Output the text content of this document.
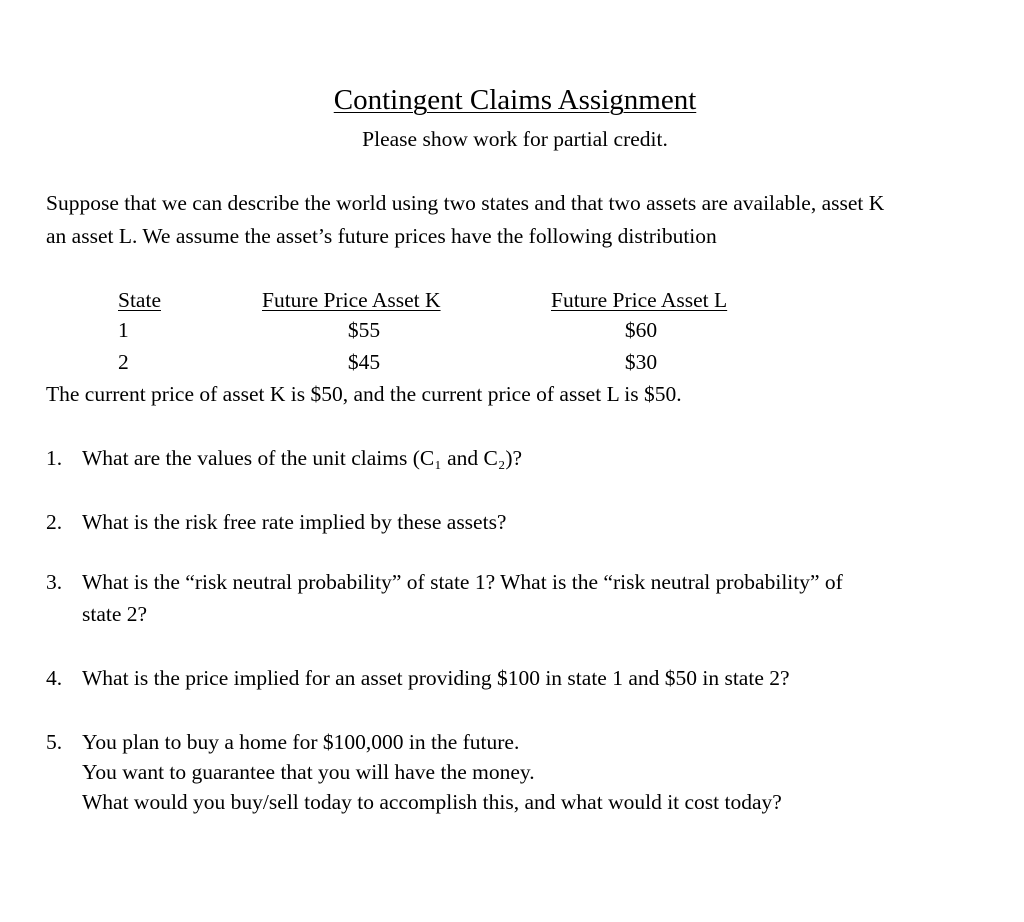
Contingent Claims Assignment
Please show work for partial credit.
Suppose that we can describe the world using two states and that two assets are available, asset K
an asset L. We assume the asset’s future prices have the following distribution
State	Future Price Asset K	Future Price Asset L
1	$55	$60
2	$45	$30
The current price of asset K is $50, and the current price of asset L is $50.
1. What are the values of the unit claims (C₁ and C₂)?
2. What is the risk free rate implied by these assets?
3. What is the “risk neutral probability” of state 1? What is the “risk neutral probability” of
state 2?
4. What is the price implied for an asset providing $100 in state 1 and $50 in state 2?
5. You plan to buy a home for $100,000 in the future.
You want to guarantee that you will have the money.
What would you buy/sell today to accomplish this, and what would it cost today?
